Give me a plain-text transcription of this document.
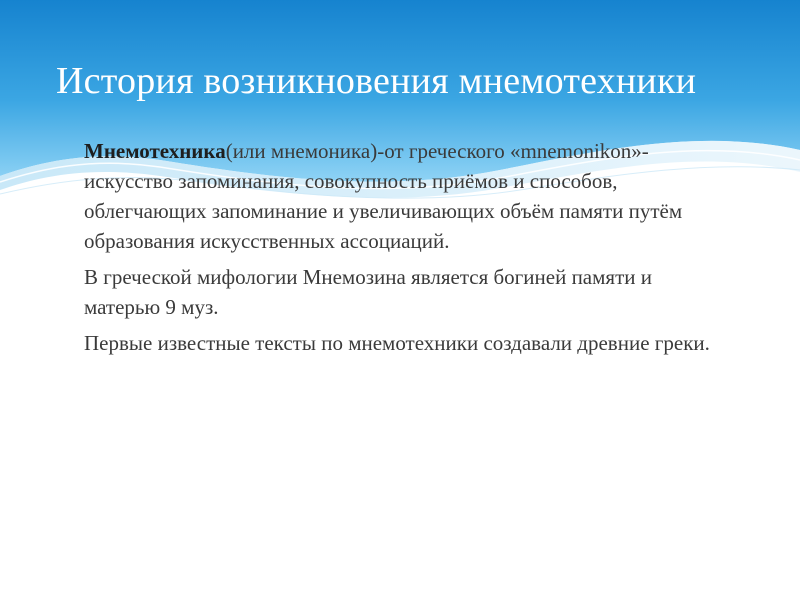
История возникновения мнемотехники

Мнемотехника(или мнемоника)-от греческого «mnemonikon»-искусство запоминания, совокупность приёмов и способов, облегчающих запоминание и увеличивающих объём памяти путём образования искусственных ассоциаций.

В греческой мифологии Мнемозина является богиней памяти и матерью 9 муз.

Первые известные тексты по мнемотехники создавали древние греки.
